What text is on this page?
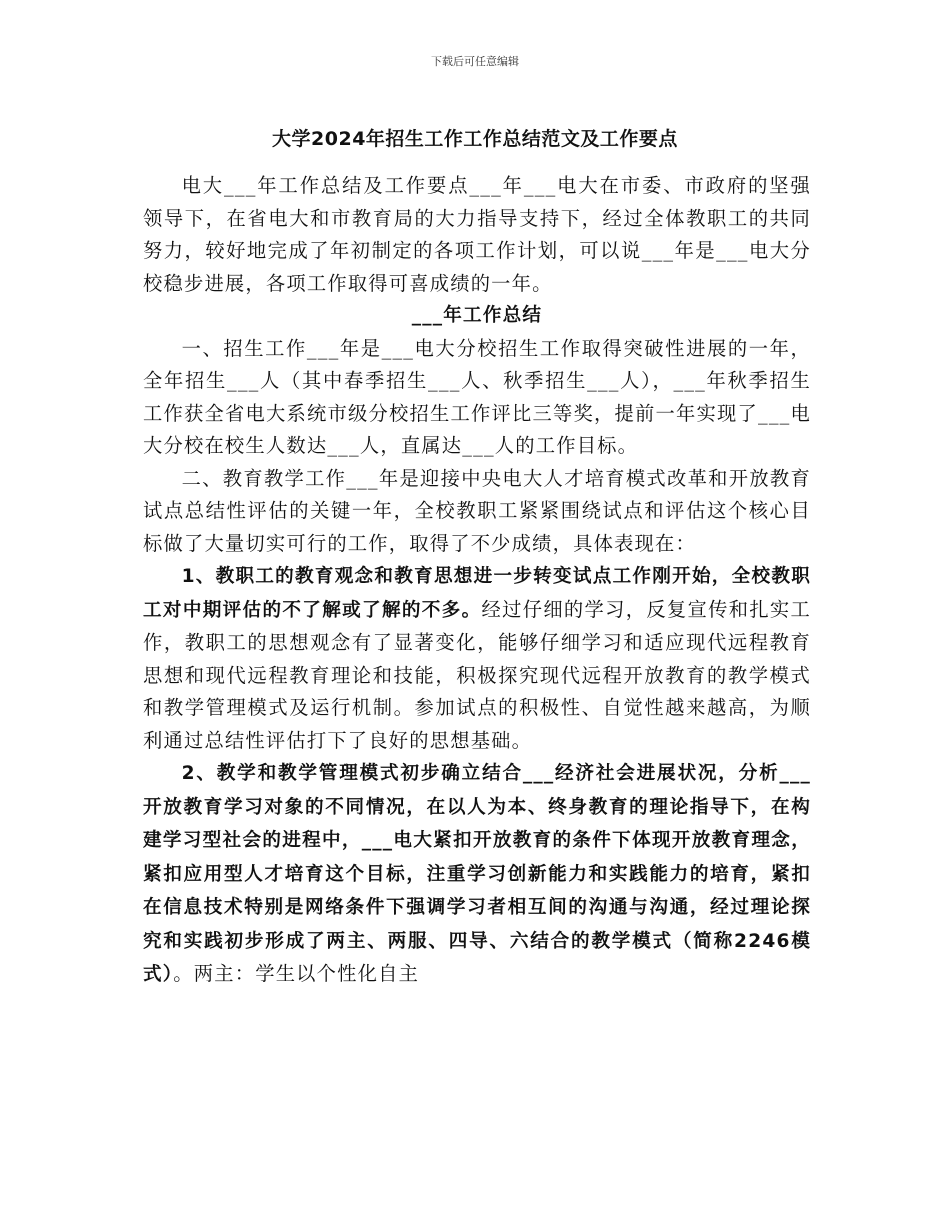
下载后可任意编辑
大学2024年招生工作工作总结范文及工作要点

电大___年工作总结及工作要点___年___电大在市委、市政府的坚强领导下，在省电大和市教育局的大力指导支持下，经过全体教职工的共同努力，较好地完成了年初制定的各项工作计划，可以说___年是___电大分校稳步进展，各项工作取得可喜成绩的一年。

___年工作总结

一、招生工作___年是___电大分校招生工作取得突破性进展的一年，全年招生___人（其中春季招生___人、秋季招生___人），___年秋季招生工作获全省电大系统市级分校招生工作评比三等奖，提前一年实现了___电大分校在校生人数达___人，直属达___人的工作目标。

二、教育教学工作___年是迎接中央电大人才培育模式改革和开放教育试点总结性评估的关键一年，全校教职工紧紧围绕试点和评估这个核心目标做了大量切实可行的工作，取得了不少成绩，具体表现在：

1、教职工的教育观念和教育思想进一步转变试点工作刚开始，全校教职工对中期评估的不了解或了解的不多。经过仔细的学习，反复宣传和扎实工作，教职工的思想观念有了显著变化，能够仔细学习和适应现代远程教育思想和现代远程教育理论和技能，积极探究现代远程开放教育的教学模式和教学管理模式及运行机制。参加试点的积极性、自觉性越来越高，为顺利通过总结性评估打下了良好的思想基础。

2、教学和教学管理模式初步确立结合___经济社会进展状况，分析___开放教育学习对象的不同情况，在以人为本、终身教育的理论指导下，在构建学习型社会的进程中，___电大紧扣开放教育的条件下体现开放教育理念，紧扣应用型人才培育这个目标，注重学习创新能力和实践能力的培育，紧扣在信息技术特别是网络条件下强调学习者相互间的沟通与沟通，经过理论探究和实践初步形成了两主、两服、四导、六结合的教学模式（简称2246模式）。两主：学生以个性化自主
